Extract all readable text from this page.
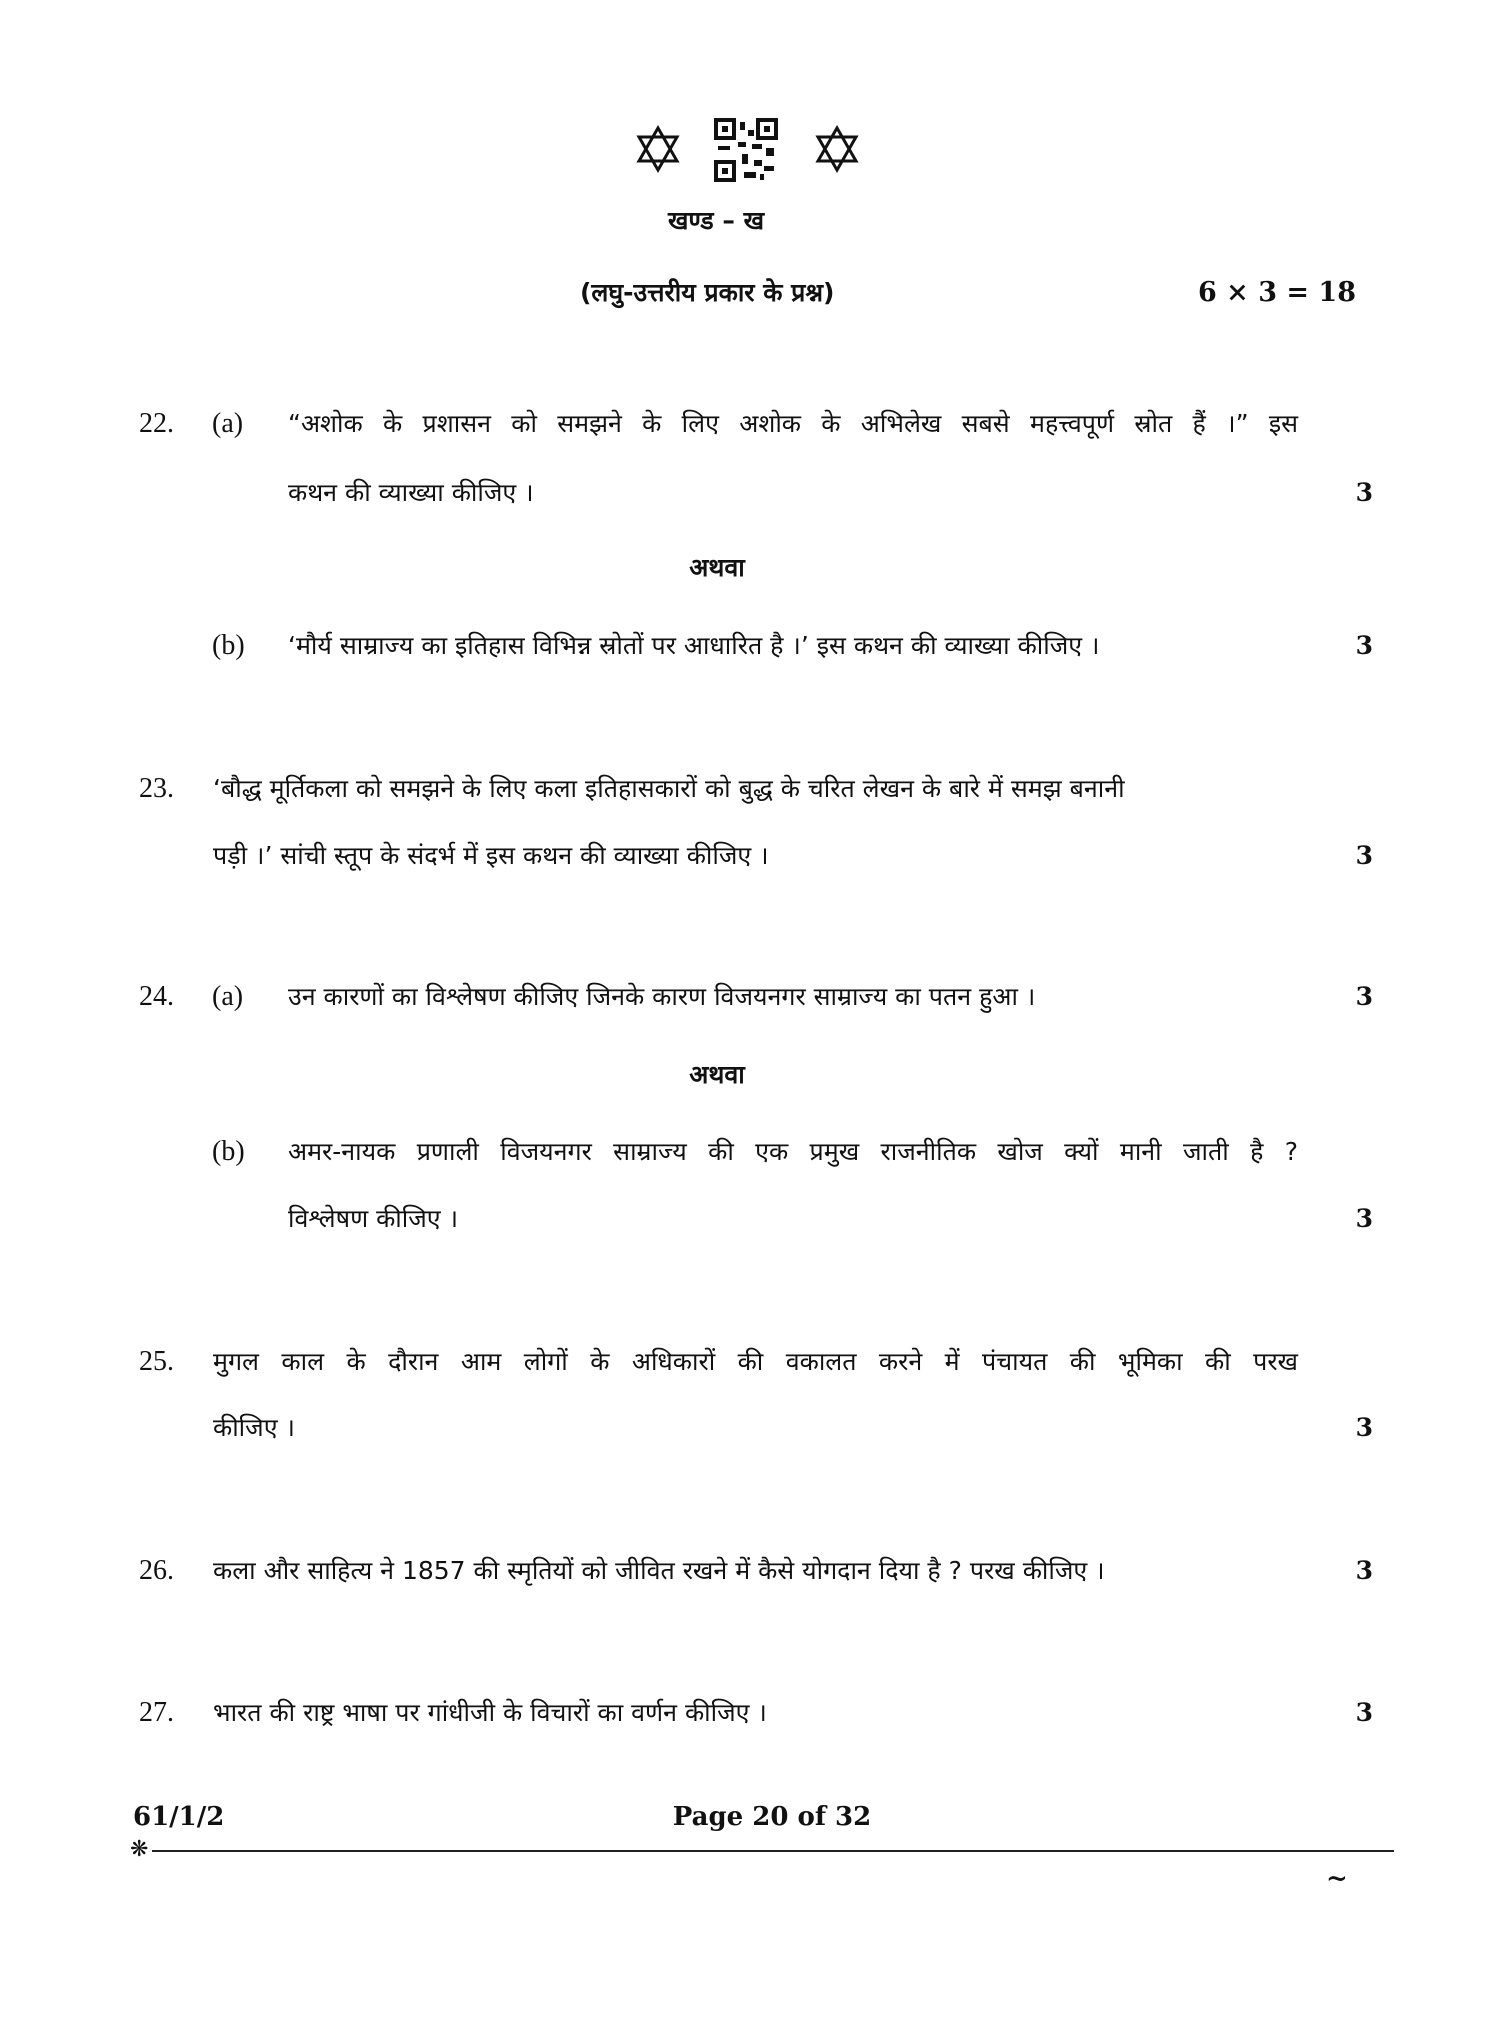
खण्ड – ख
(लघु-उत्तरीय प्रकार के प्रश्न)	6 × 3 = 18
22. (a) “अशोक के प्रशासन को समझने के लिए अशोक के अभिलेख सबसे महत्त्वपूर्ण स्रोत हैं ।” इस
कथन की व्याख्या कीजिए ।	3
अथवा
(b) ‘मौर्य साम्राज्य का इतिहास विभिन्न स्रोतों पर आधारित है ।’ इस कथन की व्याख्या कीजिए ।	3
23. ‘बौद्ध मूर्तिकला को समझने के लिए कला इतिहासकारों को बुद्ध के चरित लेखन के बारे में समझ बनानी
पड़ी ।’ सांची स्तूप के संदर्भ में इस कथन की व्याख्या कीजिए ।	3
24. (a) उन कारणों का विश्लेषण कीजिए जिनके कारण विजयनगर साम्राज्य का पतन हुआ ।	3
अथवा
(b) अमर-नायक प्रणाली विजयनगर साम्राज्य की एक प्रमुख राजनीतिक खोज क्यों मानी जाती है ?
विश्लेषण कीजिए ।	3
25. मुगल काल के दौरान आम लोगों के अधिकारों की वकालत करने में पंचायत की भूमिका की परख
कीजिए ।	3
26. कला और साहित्य ने 1857 की स्मृतियों को जीवित रखने में कैसे योगदान दिया है ? परख कीजिए ।	3
27. भारत की राष्ट्र भाषा पर गांधीजी के विचारों का वर्णन कीजिए ।	3
61/1/2	Page 20 of 32
❋
~
